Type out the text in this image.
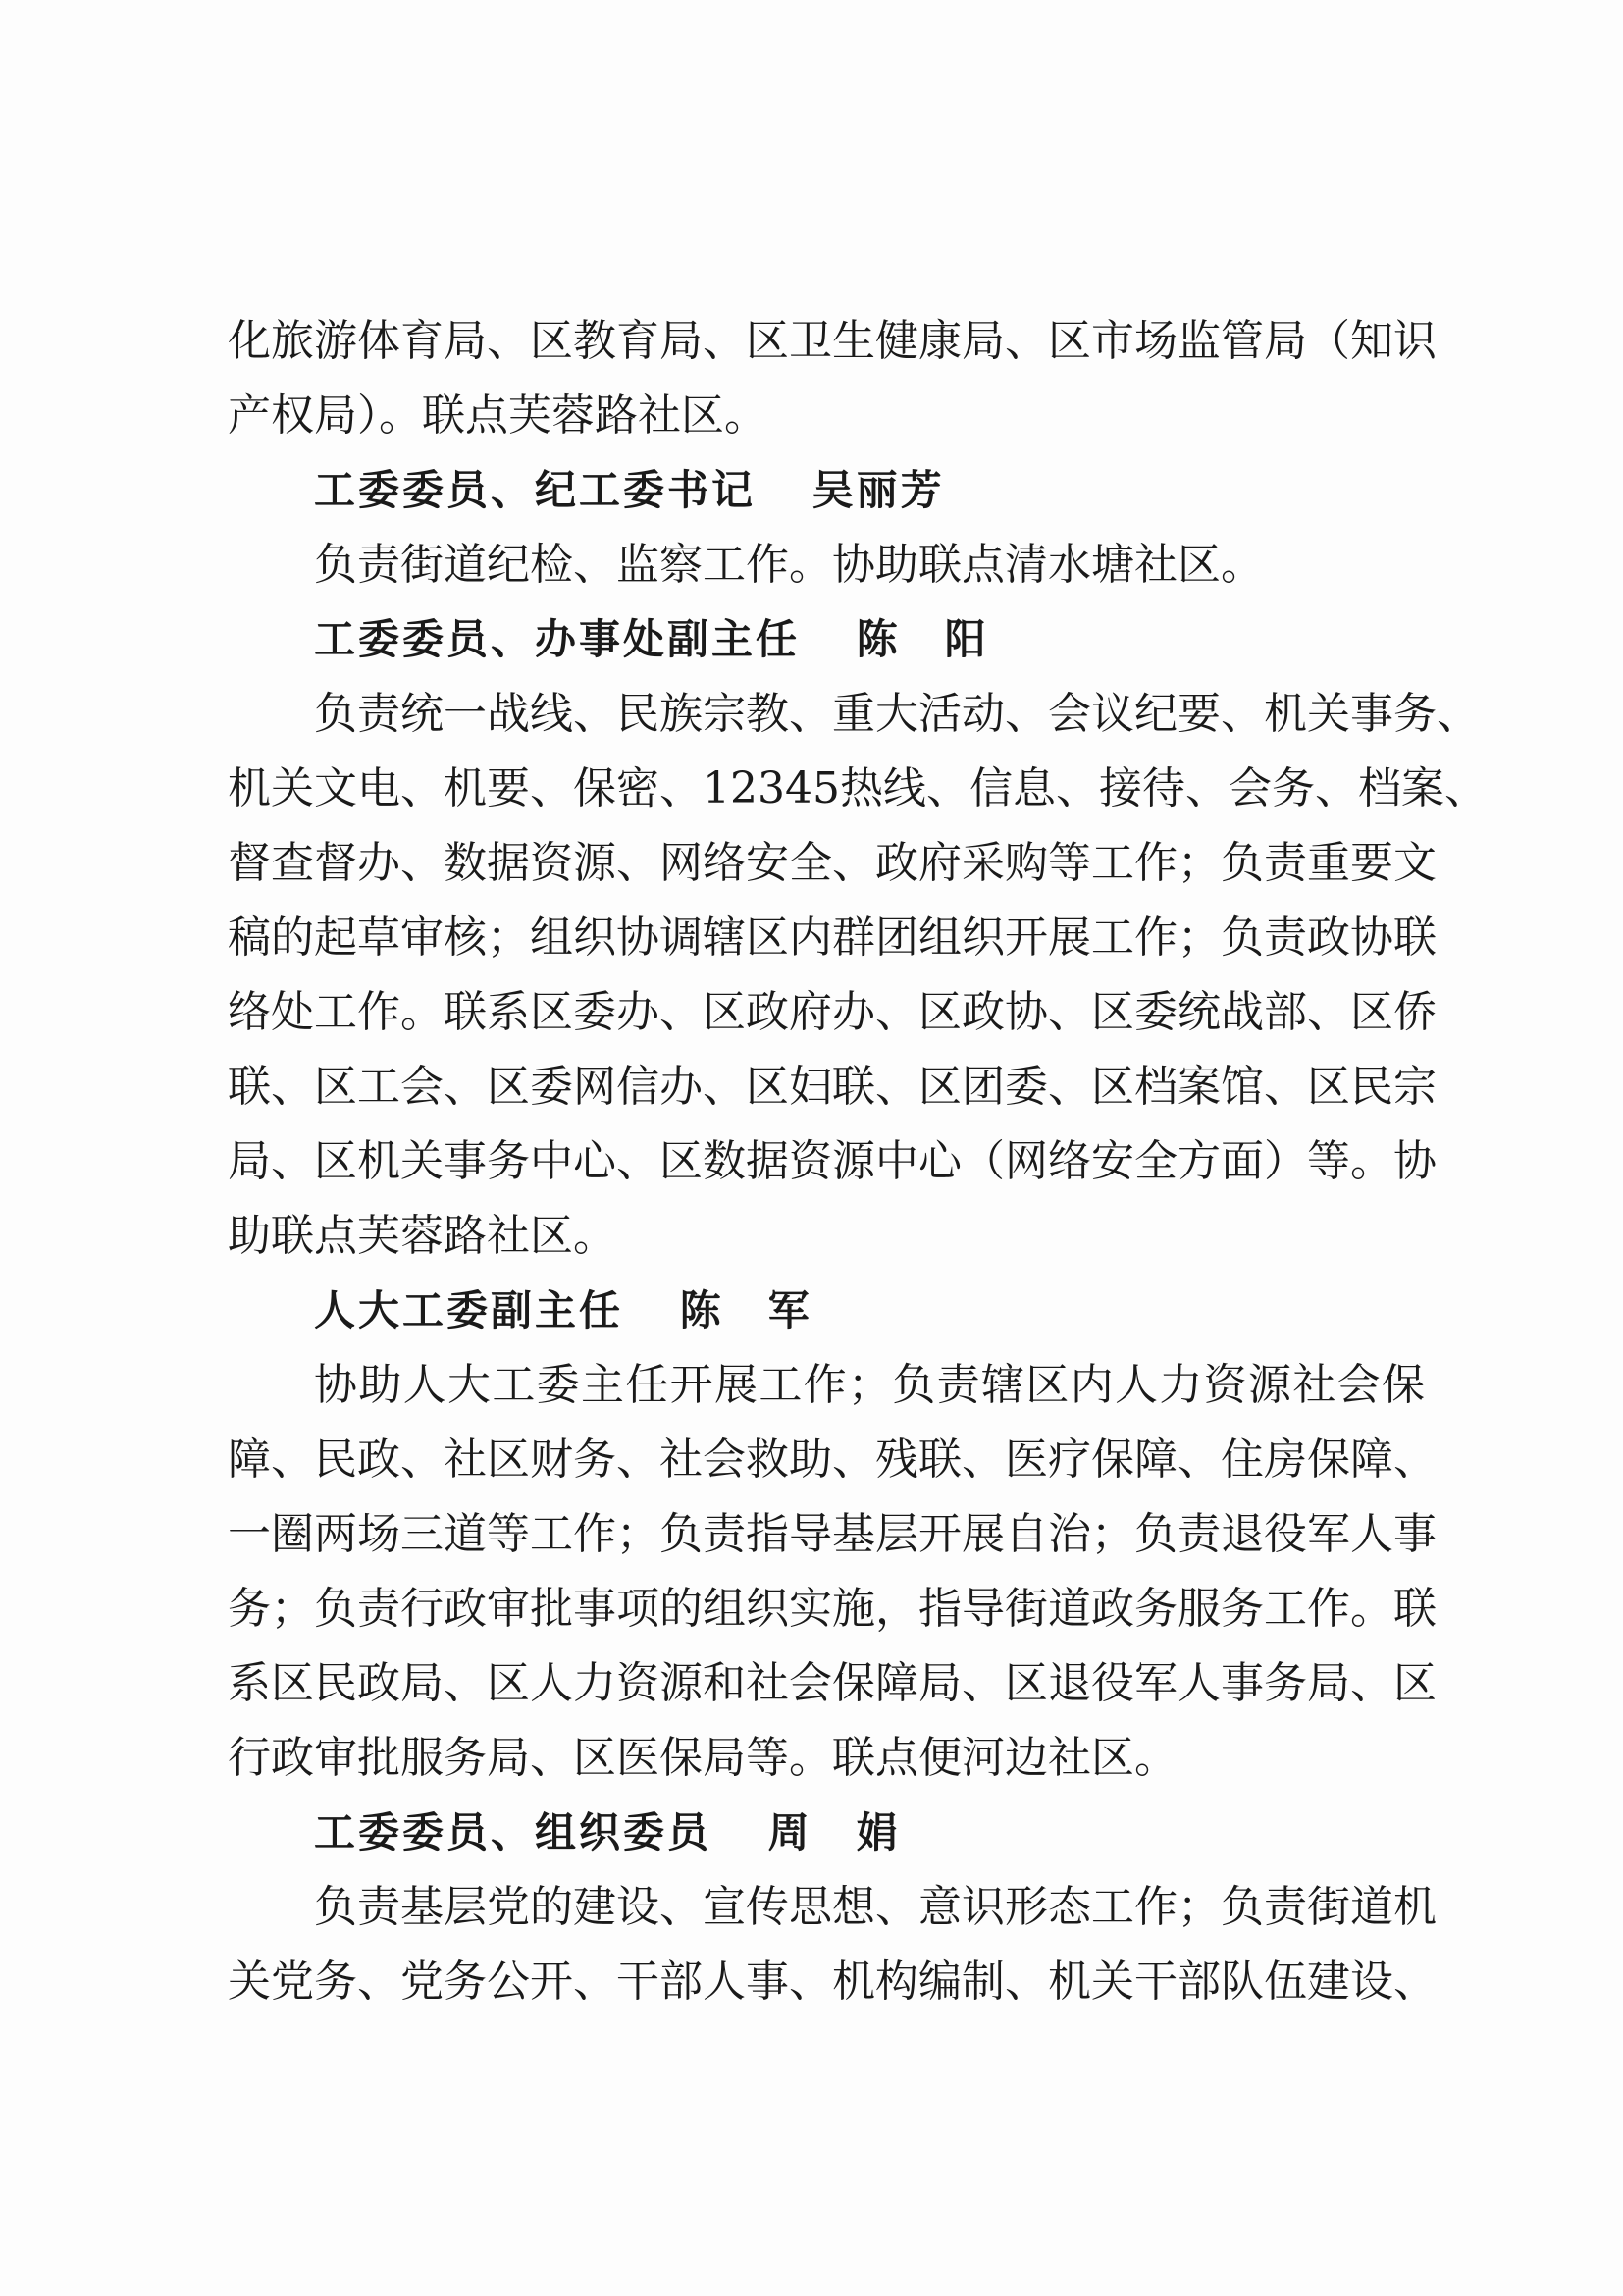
化旅游体育局、区教育局、区卫生健康局、区市场监管局（知识
产权局）。联点芙蓉路社区。
工委委员、纪工委书记 吴丽芳
负责街道纪检、监察工作。协助联点清水塘社区。
工委委员、办事处副主任 陈　阳
负责统一战线、民族宗教、重大活动、会议纪要、机关事务、
机关文电、机要、保密、12345热线、信息、接待、会务、档案、
督查督办、数据资源、网络安全、政府采购等工作；负责重要文
稿的起草审核；组织协调辖区内群团组织开展工作；负责政协联
络处工作。联系区委办、区政府办、区政协、区委统战部、区侨
联、区工会、区委网信办、区妇联、区团委、区档案馆、区民宗
局、区机关事务中心、区数据资源中心（网络安全方面）等。协
助联点芙蓉路社区。
人大工委副主任 陈　军
协助人大工委主任开展工作；负责辖区内人力资源社会保
障、民政、社区财务、社会救助、残联、医疗保障、住房保障、
一圈两场三道等工作；负责指导基层开展自治；负责退役军人事
务；负责行政审批事项的组织实施，指导街道政务服务工作。联
系区民政局、区人力资源和社会保障局、区退役军人事务局、区
行政审批服务局、区医保局等。联点便河边社区。
工委委员、组织委员 周　娟
负责基层党的建设、宣传思想、意识形态工作；负责街道机
关党务、党务公开、干部人事、机构编制、机关干部队伍建设、
